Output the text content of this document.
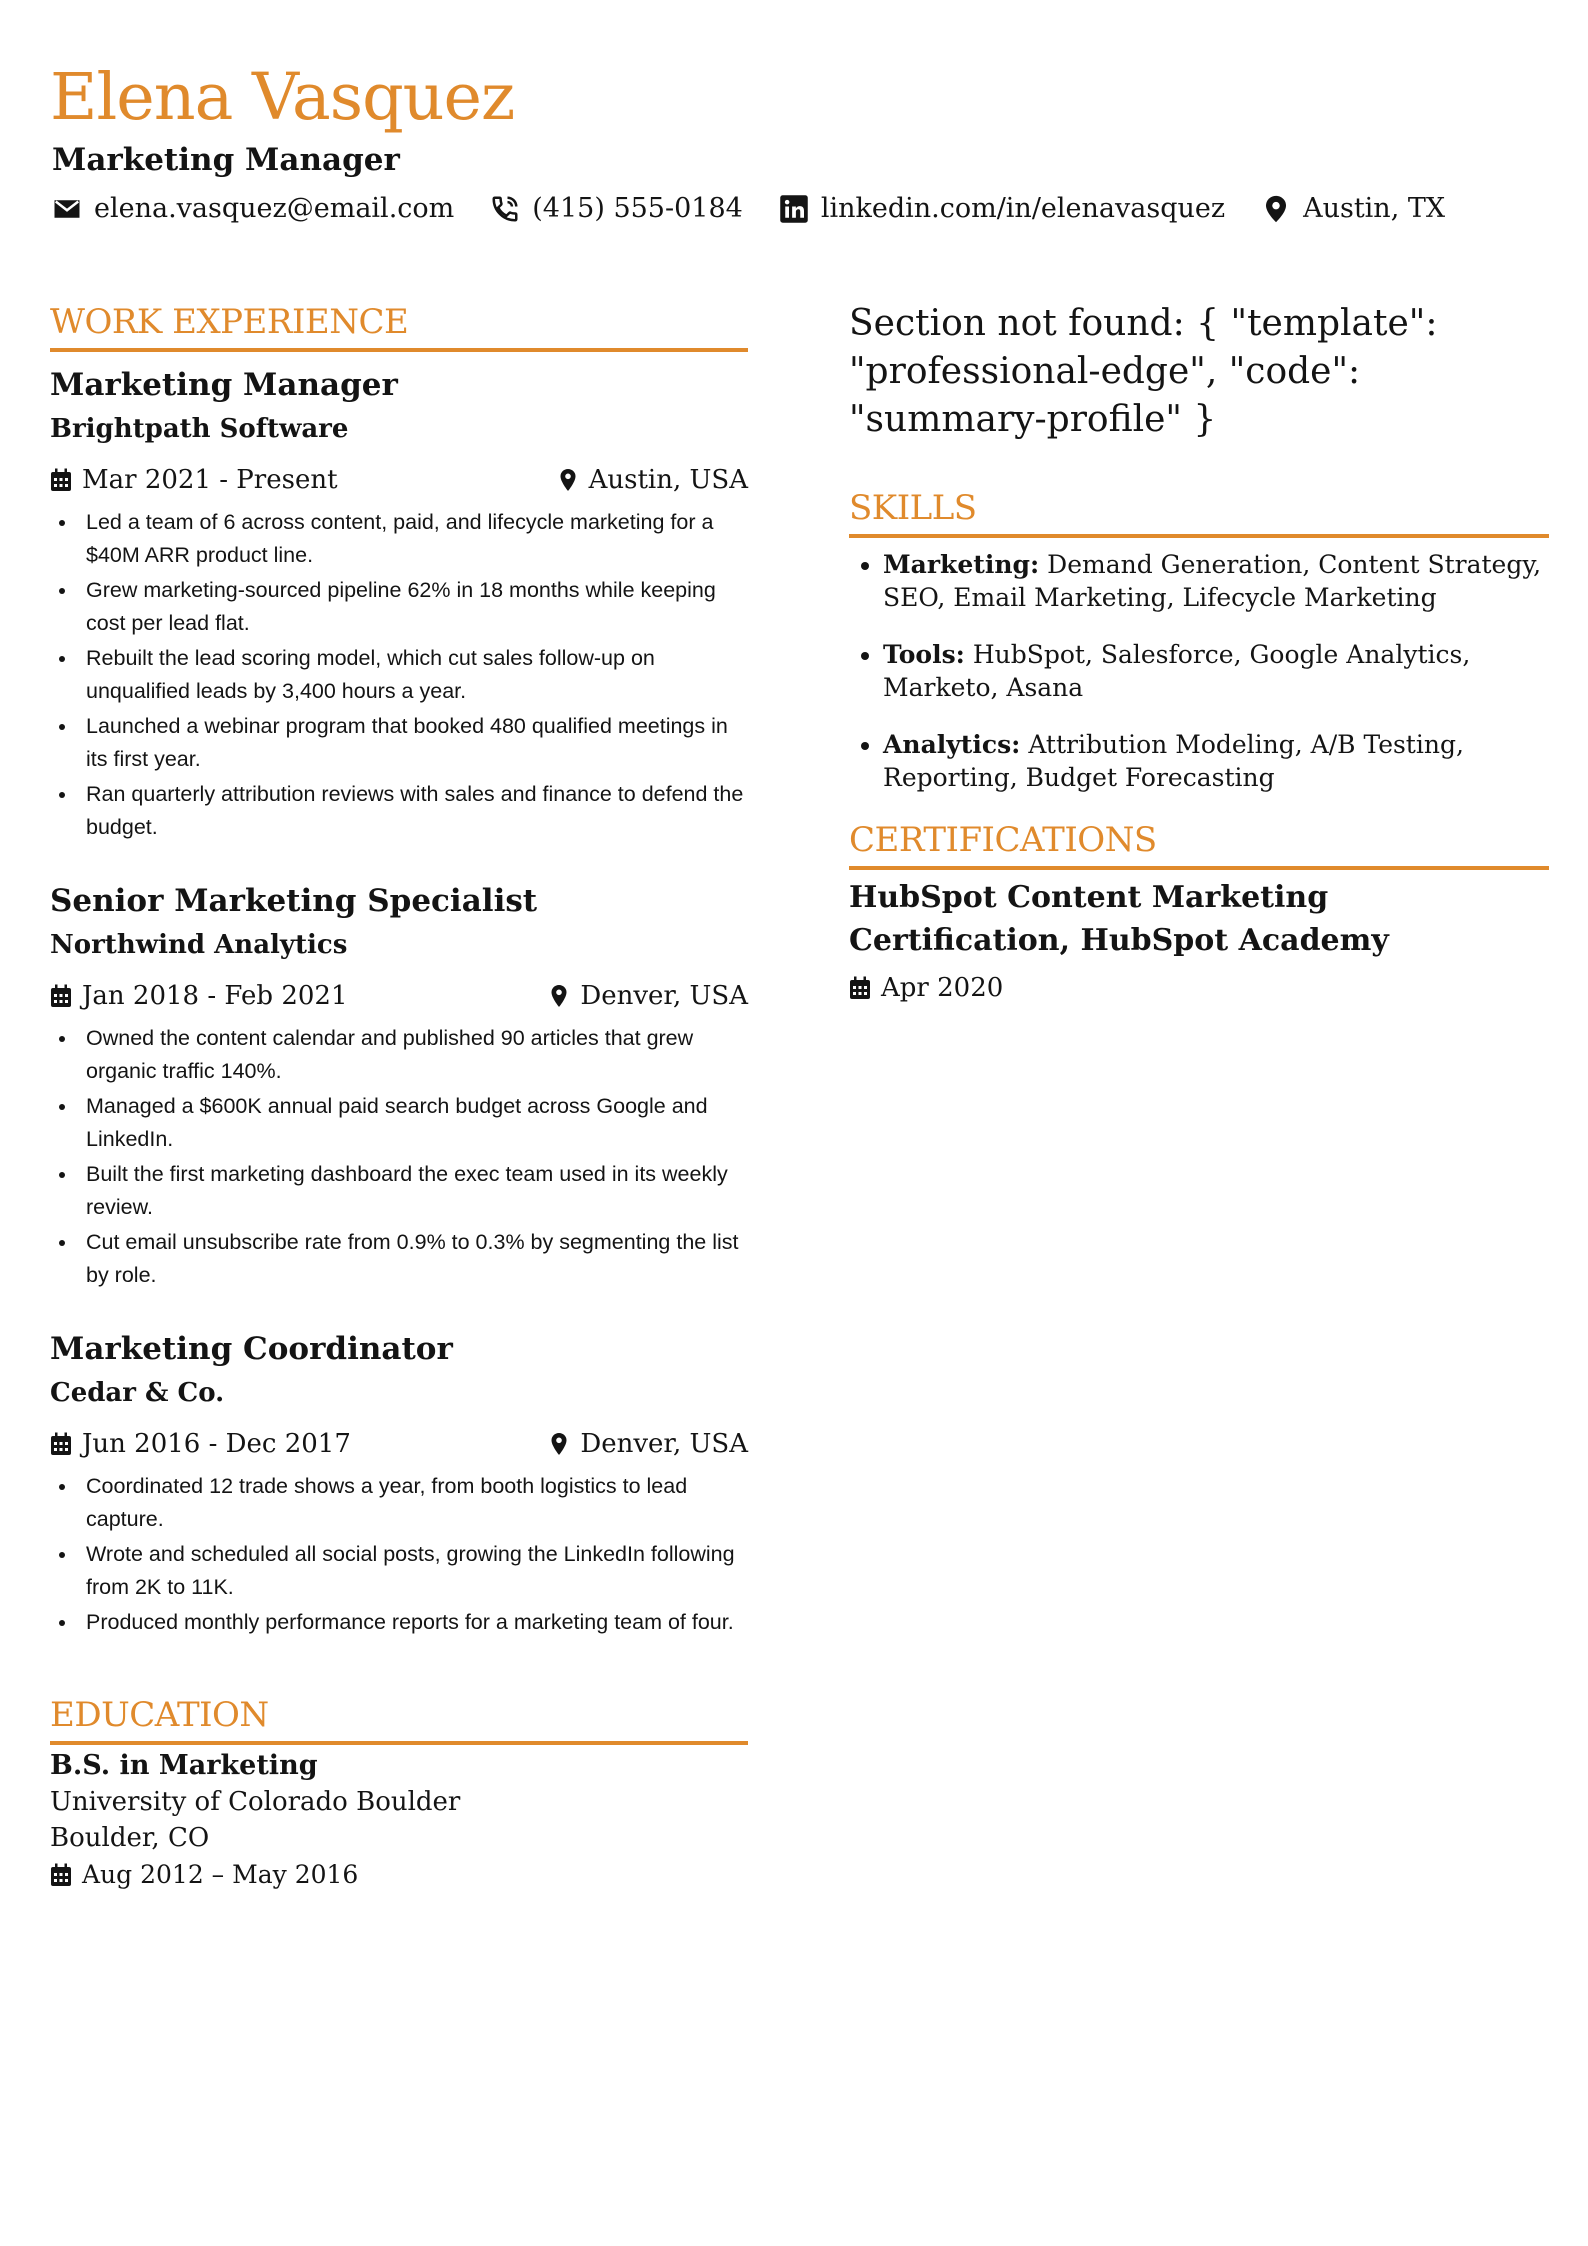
Elena Vasquez
Marketing Manager
elena.vasquez@email.com	(415) 555-0184	linkedin.com/in/elenavasquez	Austin, TX
WORK EXPERIENCE
Marketing Manager
Brightpath Software
Mar 2021 - Present	Austin, USA
• Led a team of 6 across content, paid, and lifecycle marketing for a $40M ARR product line.
• Grew marketing-sourced pipeline 62% in 18 months while keeping cost per lead flat.
• Rebuilt the lead scoring model, which cut sales follow-up on unqualified leads by 3,400 hours a year.
• Launched a webinar program that booked 480 qualified meetings in its first year.
• Ran quarterly attribution reviews with sales and finance to defend the budget.
Senior Marketing Specialist
Northwind Analytics
Jan 2018 - Feb 2021	Denver, USA
• Owned the content calendar and published 90 articles that grew organic traffic 140%.
• Managed a $600K annual paid search budget across Google and LinkedIn.
• Built the first marketing dashboard the exec team used in its weekly review.
• Cut email unsubscribe rate from 0.9% to 0.3% by segmenting the list by role.
Marketing Coordinator
Cedar & Co.
Jun 2016 - Dec 2017	Denver, USA
• Coordinated 12 trade shows a year, from booth logistics to lead capture.
• Wrote and scheduled all social posts, growing the LinkedIn following from 2K to 11K.
• Produced monthly performance reports for a marketing team of four.
EDUCATION
B.S. in Marketing
University of Colorado Boulder
Boulder, CO
Aug 2012 – May 2016

Section not found: { "template": "professional-edge", "code": "summary-profile" }

SKILLS
• Marketing: Demand Generation, Content Strategy, SEO, Email Marketing, Lifecycle Marketing
• Tools: HubSpot, Salesforce, Google Analytics, Marketo, Asana
• Analytics: Attribution Modeling, A/B Testing, Reporting, Budget Forecasting
CERTIFICATIONS
HubSpot Content Marketing Certification, HubSpot Academy
Apr 2020
